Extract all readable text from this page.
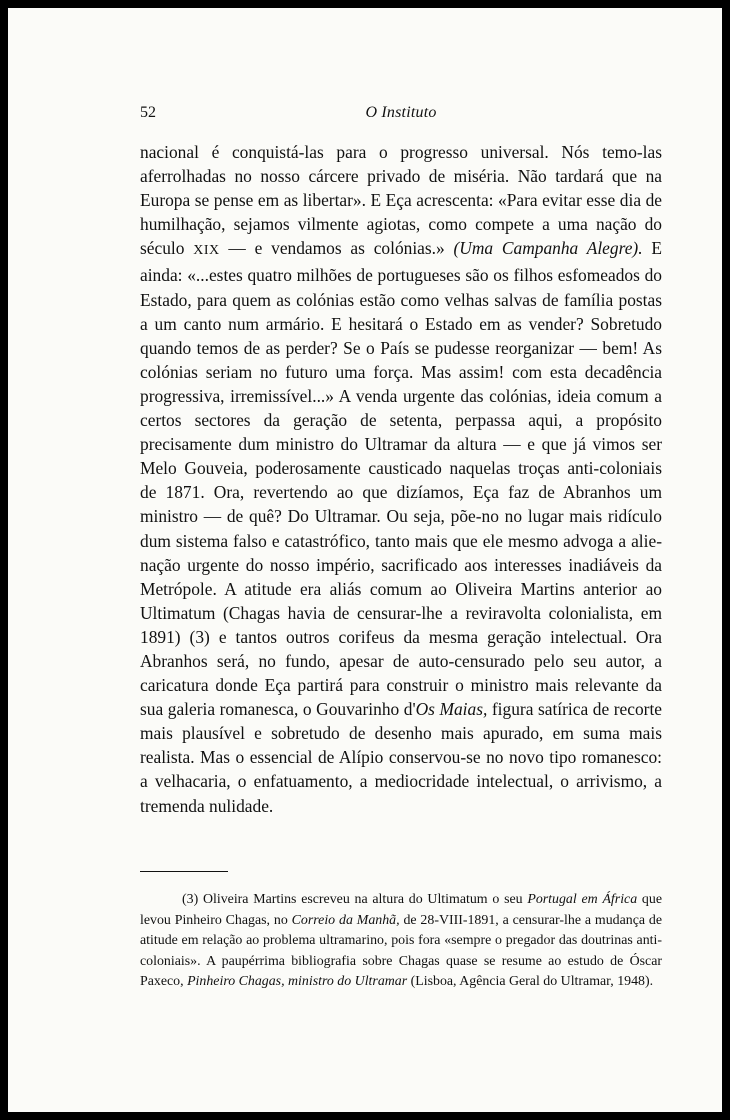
52	O Instituto

nacional é conquistá-las para o progresso universal. Nós temo-las aferrolhadas no nosso cárcere privado de miséria. Não tardará que na Europa se pense em as libertar». E Eça acrescenta: «Para evitar esse dia de humilhação, sejamos vilmente agiotas, como compete a uma nação do século XIX — e vendamos as colónias.» (Uma Campanha Alegre). E ainda: «...estes quatro milhões de portugueses são os filhos esfomeados do Estado, para quem as colónias estão como velhas salvas de família postas a um canto num armário. E hesitará o Estado em as vender? Sobretudo quando temos de as perder? Se o País se pudesse reorganizar — bem! As colónias seriam no futuro uma força. Mas assim! com esta decadência progressiva, irremissível...» A venda urgente das colónias, ideia comum a certos sectores da geração de setenta, perpassa aqui, a propósito precisamente dum ministro do Ultramar da altura — e que já vimos ser Melo Gouveia, poderosamente causticado naquelas troças anti-coloniais de 1871. Ora, revertendo ao que dizíamos, Eça faz de Abranhos um ministro — de quê? Do Ultramar. Ou seja, põe-no no lugar mais ridículo dum sistema falso e catastrófico, tanto mais que ele mesmo advoga a alienação urgente do nosso império, sacrificado aos interesses inadiáveis da Metrópole. A atitude era aliás comum ao Oliveira Martins anterior ao Ultimatum (Chagas havia de censurar-lhe a reviravolta colonialista, em 1891) (3) e tantos outros corifeus da mesma geração intelectual. Ora Abranhos será, no fundo, apesar de auto-censurado pelo seu autor, a caricatura donde Eça partirá para construir o ministro mais relevante da sua galeria romanesca, o Gouvarinho d'Os Maias, figura satírica de recorte mais plausível e sobretudo de desenho mais apurado, em suma mais realista. Mas o essencial de Alípio conservou-se no novo tipo romanesco: a velhacaria, o enfatuamento, a mediocridade intelectual, o arrivismo, a tremenda nulidade.

(3) Oliveira Martins escreveu na altura do Ultimatum o seu Portugal em África que levou Pinheiro Chagas, no Correio da Manhã, de 28-VIII-1891, a censurar-lhe a mudança de atitude em relação ao problema ultramarino, pois fora «sempre o pregador das doutrinas anti-coloniais». A paupérrima bibliografia sobre Chagas quase se resume ao estudo de Óscar Paxeco, Pinheiro Chagas, ministro do Ultramar (Lisboa, Agência Geral do Ultramar, 1948).
